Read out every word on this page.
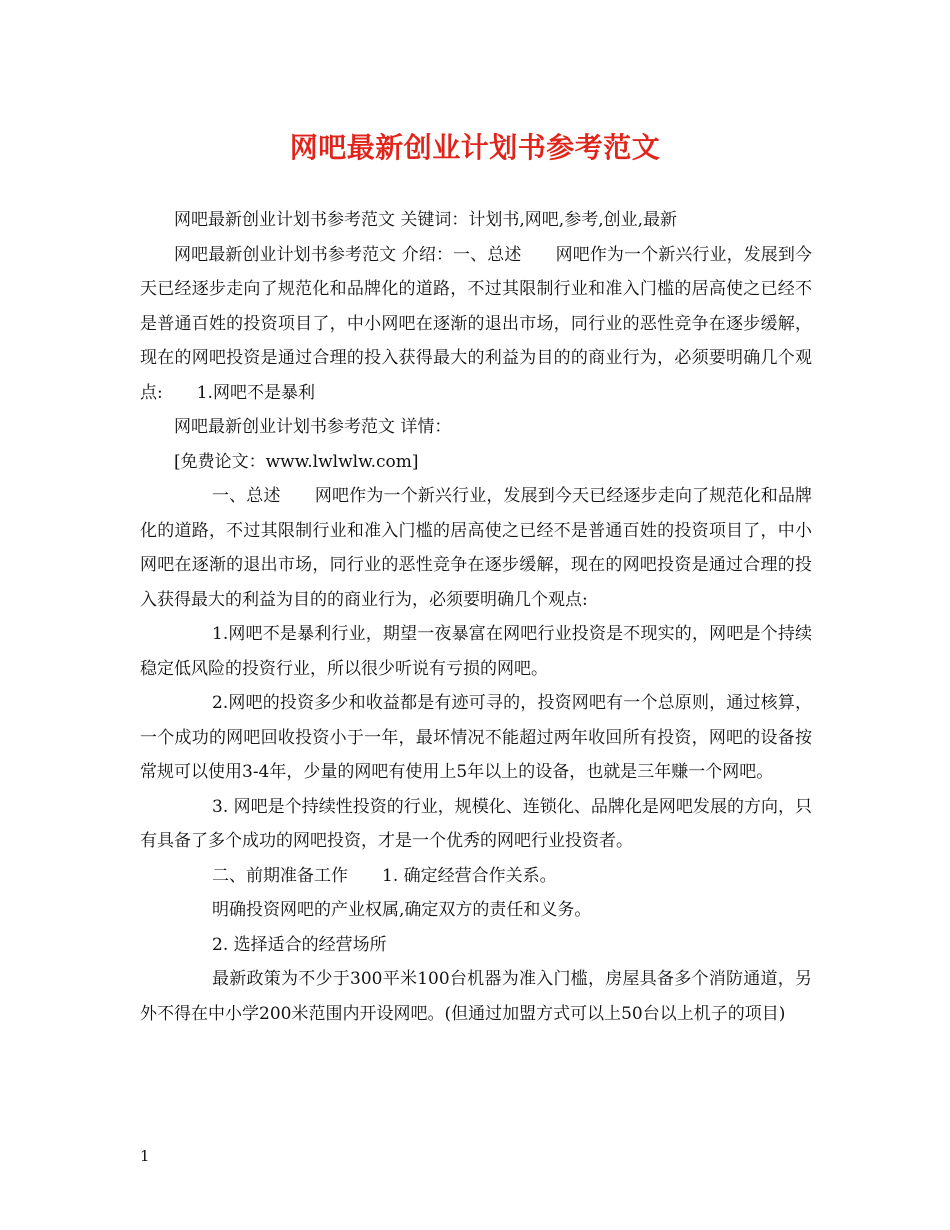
网吧最新创业计划书参考范文

网吧最新创业计划书参考范文 关键词：计划书,网吧,参考,创业,最新

网吧最新创业计划书参考范文 介绍：一、总述　　网吧作为一个新兴行业，发展到今天已经逐步走向了规范化和品牌化的道路，不过其限制行业和准入门槛的居高使之已经不是普通百姓的投资项目了，中小网吧在逐渐的退出市场，同行业的恶性竞争在逐步缓解，现在的网吧投资是通过合理的投入获得最大的利益为目的的商业行为，必须要明确几个观点:　　1.网吧不是暴利

网吧最新创业计划书参考范文 详情：

[免费论文：www.lwlwlw.com]

一、总述　　网吧作为一个新兴行业，发展到今天已经逐步走向了规范化和品牌化的道路，不过其限制行业和准入门槛的居高使之已经不是普通百姓的投资项目了，中小网吧在逐渐的退出市场，同行业的恶性竞争在逐步缓解，现在的网吧投资是通过合理的投入获得最大的利益为目的的商业行为，必须要明确几个观点:

1.网吧不是暴利行业，期望一夜暴富在网吧行业投资是不现实的，网吧是个持续稳定低风险的投资行业，所以很少听说有亏损的网吧。

2.网吧的投资多少和收益都是有迹可寻的，投资网吧有一个总原则，通过核算，一个成功的网吧回收投资小于一年，最坏情况不能超过两年收回所有投资，网吧的设备按常规可以使用3-4年，少量的网吧有使用上5年以上的设备，也就是三年赚一个网吧。

3. 网吧是个持续性投资的行业，规模化、连锁化、品牌化是网吧发展的方向，只有具备了多个成功的网吧投资，才是一个优秀的网吧行业投资者。

二、前期准备工作　　1. 确定经营合作关系。

明确投资网吧的产业权属,确定双方的责任和义务。

2. 选择适合的经营场所

最新政策为不少于300平米100台机器为准入门槛，房屋具备多个消防通道，另外不得在中小学200米范围内开设网吧。(但通过加盟方式可以上50台以上机子的项目)

1
